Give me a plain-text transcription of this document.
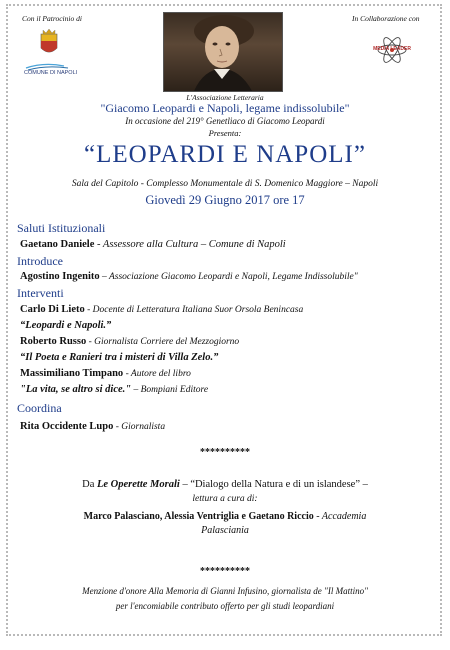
Con il Patrocinio di	In Collaborazione con
COMUNE DI NAPOLI
MEDIA LEADER
L'Associazione Letteraria
"Giacomo Leopardi e Napoli, legame indissolubile"
In occasione del 219° Genetliaco di Giacomo Leopardi
Presenta:
“LEOPARDI E NAPOLI”
Sala del Capitolo - Complesso Monumentale di S. Domenico Maggiore – Napoli
Giovedì 29 Giugno 2017 ore 17
Saluti Istituzionali
Gaetano Daniele - Assessore alla Cultura – Comune di Napoli
Introduce
Agostino Ingenito – Associazione Giacomo Leopardi e Napoli, Legame Indissolubile"
Interventi
Carlo Di Lieto - Docente di Letteratura Italiana Suor Orsola Benincasa
“Leopardi e Napoli.”
Roberto Russo - Giornalista Corriere del Mezzogiorno
“Il Poeta e Ranieri tra i misteri di Villa Zelo.”
Massimiliano Timpano - Autore del libro
"La vita, se altro si dice." – Bompiani Editore
Coordina
Rita Occidente Lupo - Giornalista
**********
Da Le Operette Morali – “Dialogo della Natura e di un islandese” –
lettura a cura di:
Marco Palasciano, Alessia Ventriglia e Gaetano Riccio - Accademia
Palasciania
**********
Menzione d'onore Alla Memoria di Gianni Infusino, giornalista de "Il Mattino"
per l'encomiabile contributo offerto per gli studi leopardiani
